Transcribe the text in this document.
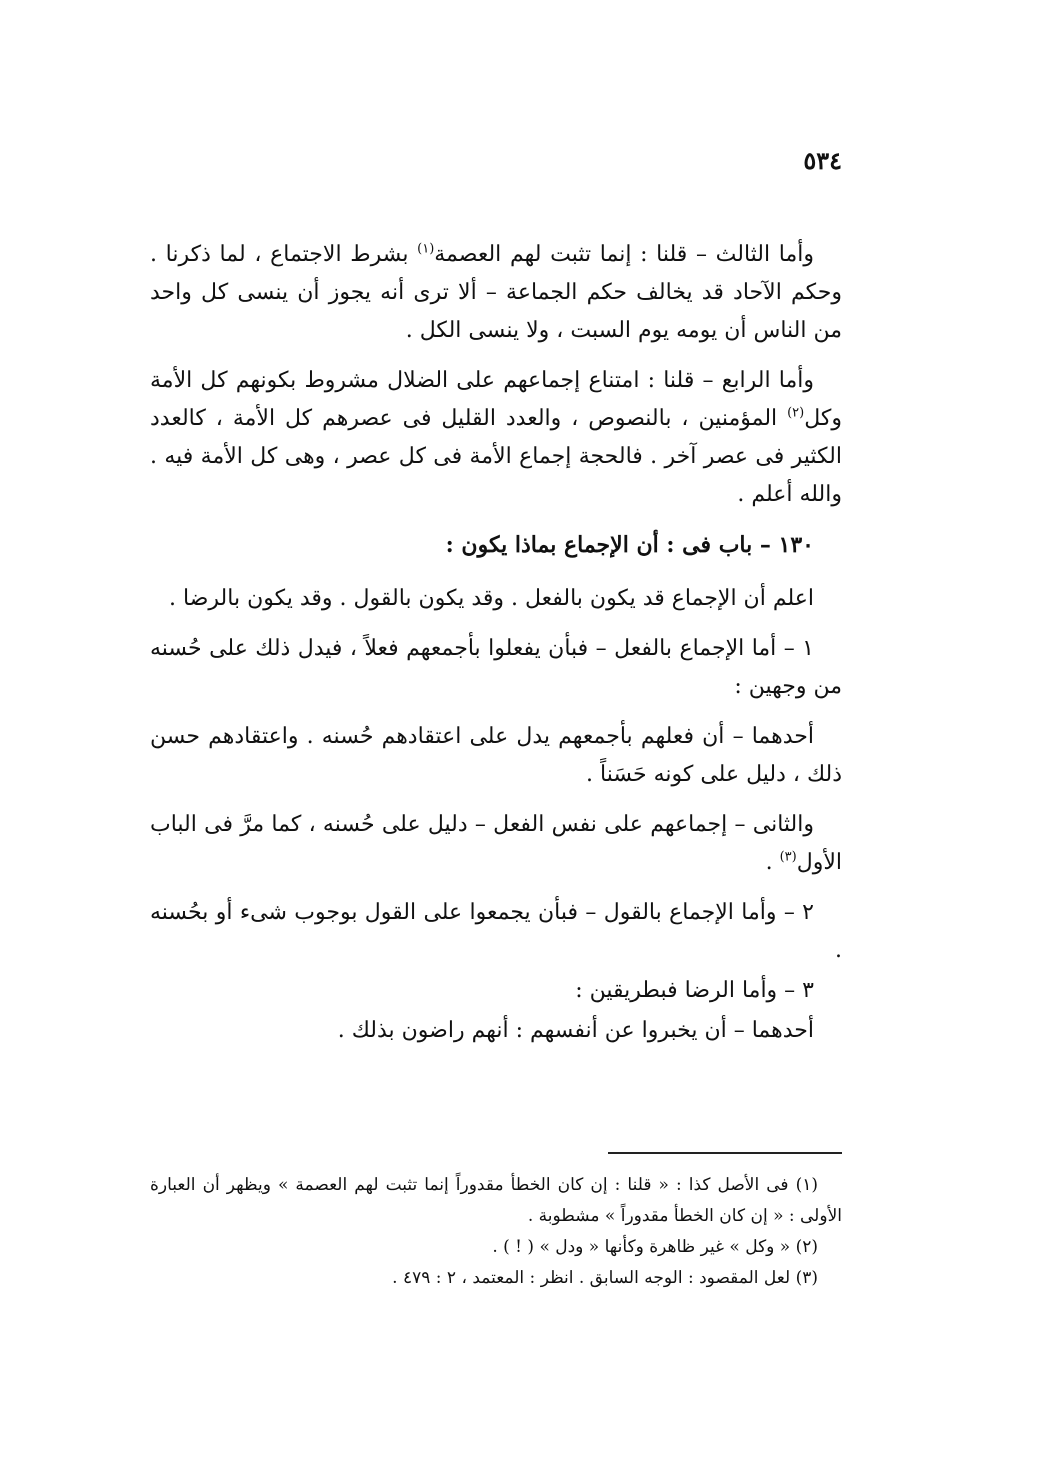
٥٣٤

وأما الثالث – قلنا : إنما تثبت لهم العصمة$^{(١)}$ بشرط الاجتماع ، لما ذكرنا . وحكم الآحاد قد يخالف حكم الجماعة – ألا ترى أنه يجوز أن ينسى كل واحد من الناس أن يومه يوم السبت ، ولا ينسى الكل .

وأما الرابع – قلنا : امتناع إجماعهم على الضلال مشروط بكونهم كل الأمة وكل$^{(٢)}$ المؤمنين ، بالنصوص ، والعدد القليل فى عصرهم كل الأمة ، كالعدد الكثير فى عصر آخر . فالحجة إجماع الأمة فى كل عصر ، وهى كل الأمة فيه . والله أعلم .

١٣٠ – باب فى : أن الإجماع بماذا يكون :

اعلم أن الإجماع قد يكون بالفعل . وقد يكون بالقول . وقد يكون بالرضا .

١ – أما الإجماع بالفعل – فبأن يفعلوا بأجمعهم فعلاً ، فيدل ذلك على حُسنه من وجهين :

أحدهما – أن فعلهم بأجمعهم يدل على اعتقادهم حُسنه . واعتقادهم حسن ذلك ، دليل على كونه حَسَناً .

والثانى – إجماعهم على نفس الفعل – دليل على حُسنه ، كما مرَّ فى الباب الأول$^{(٣)}$ .

٢ – وأما الإجماع بالقول – فبأن يجمعوا على القول بوجوب شىء أو بحُسنه .

٣ – وأما الرضا فبطريقين :

أحدهما – أن يخبروا عن أنفسهم : أنهم راضون بذلك .

(١) فى الأصل كذا : « قلنا : إن كان الخطأ مقدوراً إنما تثبت لهم العصمة » ويظهر أن العبارة الأولى : « إن كان الخطأ مقدوراً » مشطوبة .

(٢) « وكل » غير ظاهرة وكأنها « ودل » ( ! ) .

(٣) لعل المقصود : الوجه السابق . انظر : المعتمد ، ٢ : ٤٧٩ .
